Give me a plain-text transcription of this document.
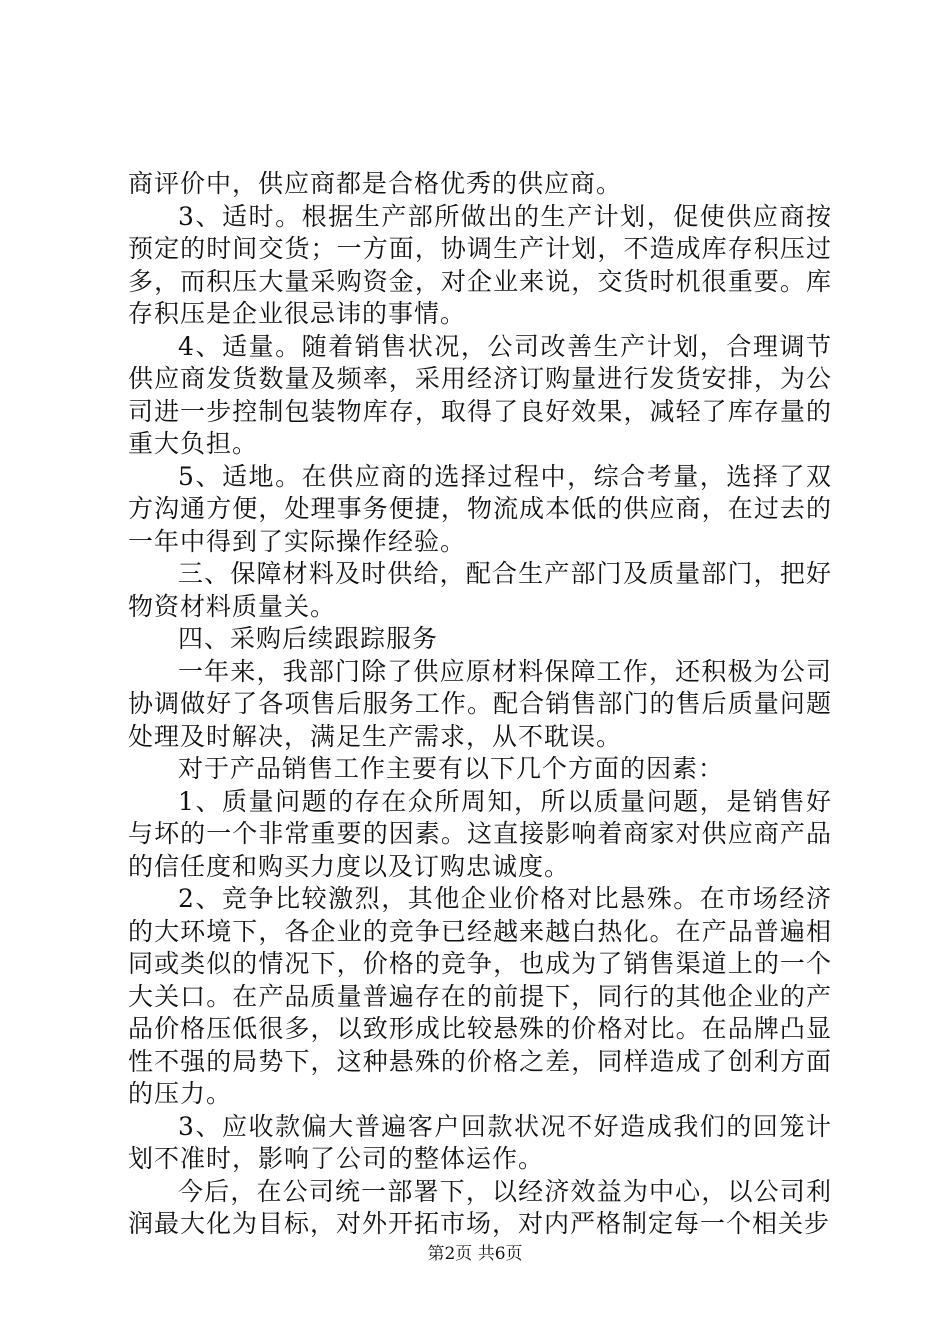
商评价中，供应商都是合格优秀的供应商。

3、适时。根据生产部所做出的生产计划，促使供应商按预定的时间交货；一方面，协调生产计划，不造成库存积压过多，而积压大量采购资金，对企业来说，交货时机很重要。库存积压是企业很忌讳的事情。

4、适量。随着销售状况，公司改善生产计划，合理调节供应商发货数量及频率，采用经济订购量进行发货安排，为公司进一步控制包装物库存，取得了良好效果，减轻了库存量的重大负担。

5、适地。在供应商的选择过程中，综合考量，选择了双方沟通方便，处理事务便捷，物流成本低的供应商，在过去的一年中得到了实际操作经验。

三、保障材料及时供给，配合生产部门及质量部门，把好物资材料质量关。

四、采购后续跟踪服务

一年来，我部门除了供应原材料保障工作，还积极为公司协调做好了各项售后服务工作。配合销售部门的售后质量问题处理及时解决，满足生产需求，从不耽误。

对于产品销售工作主要有以下几个方面的因素：

1、质量问题的存在众所周知，所以质量问题，是销售好与坏的一个非常重要的因素。这直接影响着商家对供应商产品的信任度和购买力度以及订购忠诚度。

2、竞争比较激烈，其他企业价格对比悬殊。在市场经济的大环境下，各企业的竞争已经越来越白热化。在产品普遍相同或类似的情况下，价格的竞争，也成为了销售渠道上的一个大关口。在产品质量普遍存在的前提下，同行的其他企业的产品价格压低很多，以致形成比较悬殊的价格对比。在品牌凸显性不强的局势下，这种悬殊的价格之差，同样造成了创利方面的压力。

3、应收款偏大普遍客户回款状况不好造成我们的回笼计划不准时，影响了公司的整体运作。

今后，在公司统一部署下，以经济效益为中心，以公司利润最大化为目标，对外开拓市场，对内严格制定每一个相关步

第2页 共6页
